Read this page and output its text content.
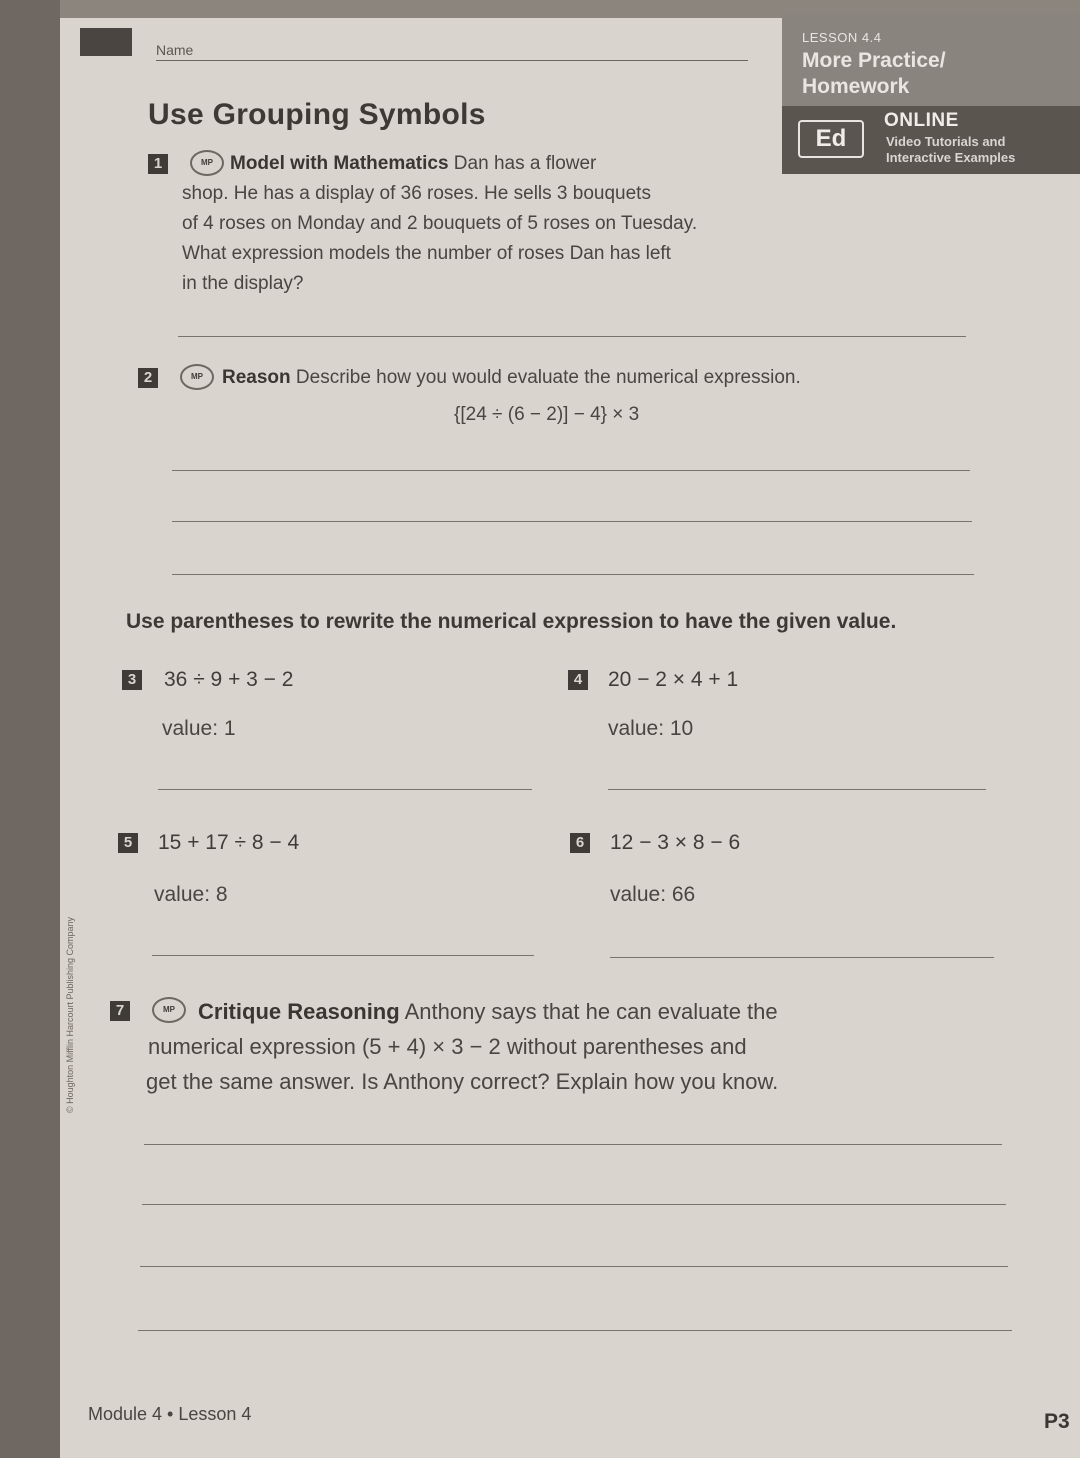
Name
LESSON 4.4
More Practice/
Homework
Ed
ONLINE
Video Tutorials and
Interactive Examples
Use Grouping Symbols
1	MP Model with Mathematics Dan has a flower
shop. He has a display of 36 roses. He sells 3 bouquets
of 4 roses on Monday and 2 bouquets of 5 roses on Tuesday.
What expression models the number of roses Dan has left
in the display?
2	MP	Reason Describe how you would evaluate the numerical expression.
{[24 ÷ (6 − 2)] − 4} × 3
Use parentheses to rewrite the numerical expression to have the given value.
3 36 ÷ 9 + 3 − 2
value: 1
4 20 − 2 × 4 + 1
value: 10
5 15 + 17 ÷ 8 − 4
value: 8
6 12 − 3 × 8 − 6
value: 66
7	MP	Critique Reasoning Anthony says that he can evaluate the
numerical expression (5 + 4) × 3 − 2 without parentheses and
get the same answer. Is Anthony correct? Explain how you know.
© Houghton Mifflin Harcourt Publishing Company
Module 4 • Lesson 4	P3
